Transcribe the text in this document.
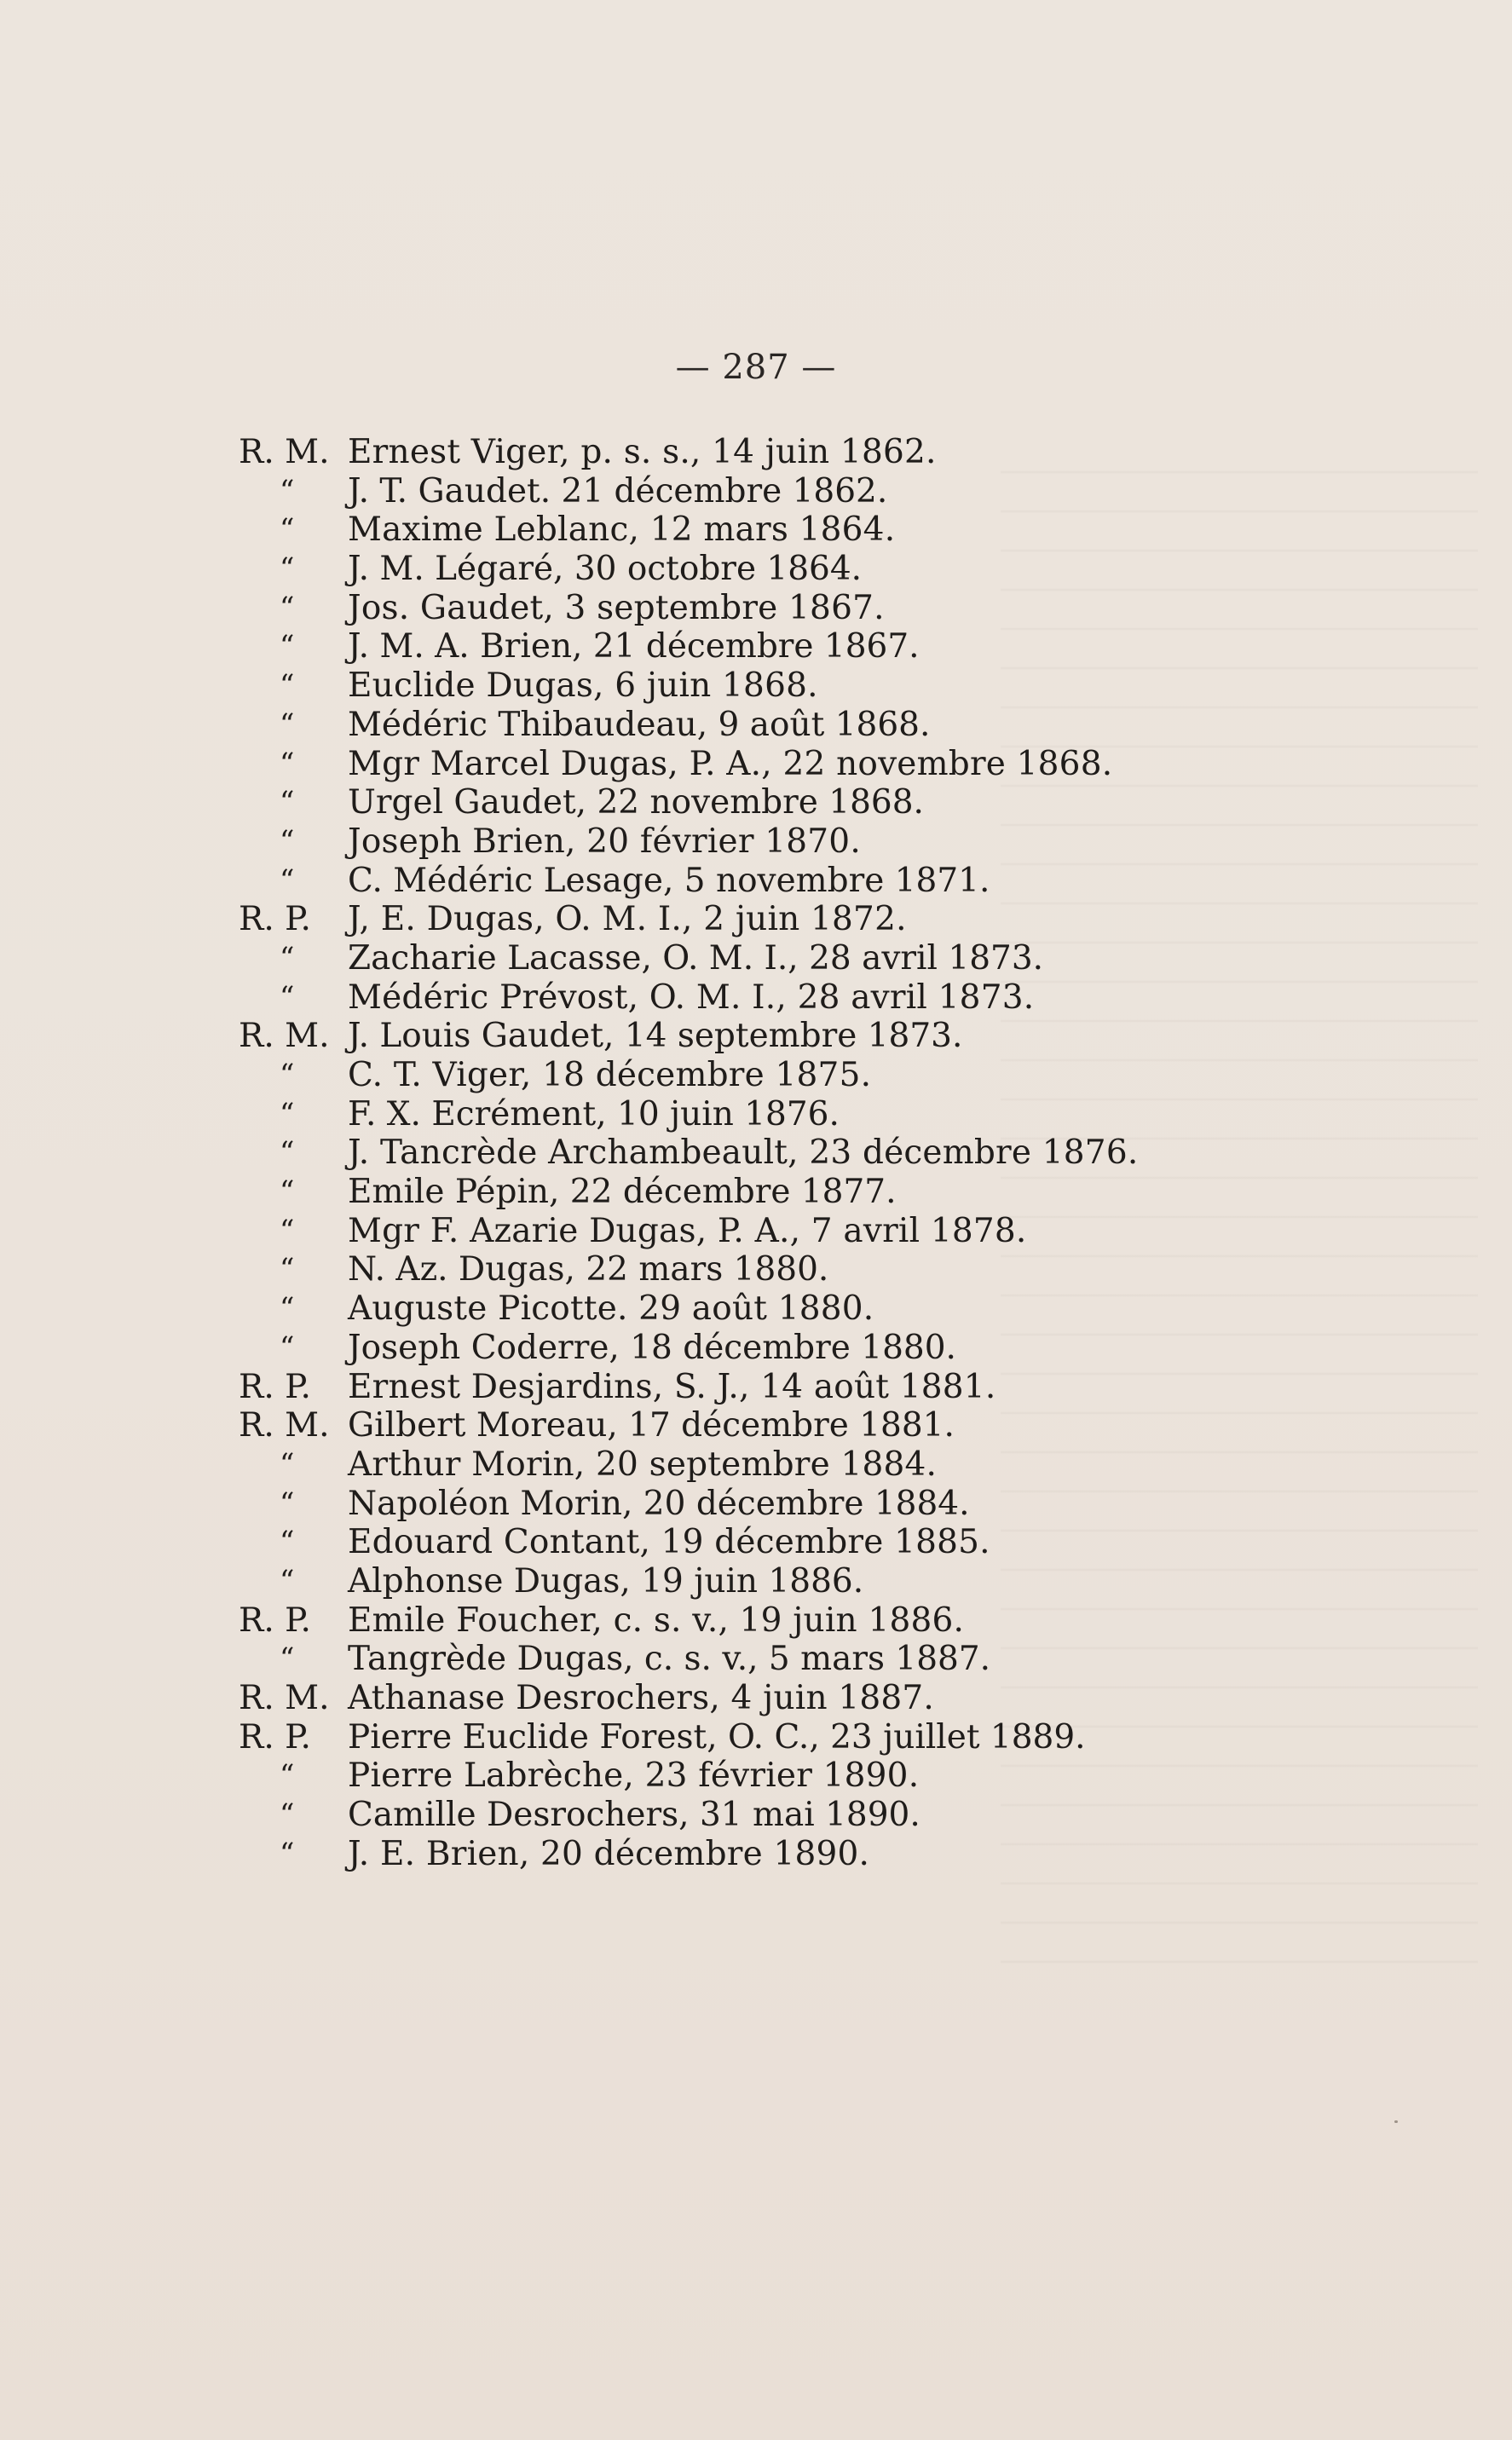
— 287 —
R. M. Ernest Viger, p. s. s., 14 juin 1862.
“	J. T. Gaudet. 21 décembre 1862.
“	Maxime Leblanc, 12 mars 1864.
“	J. M. Légaré, 30 octobre 1864.
“	Jos. Gaudet, 3 septembre 1867.
“	J. M. A. Brien, 21 décembre 1867.
“	Euclide Dugas, 6 juin 1868.
“	Médéric Thibaudeau, 9 août 1868.
“	Mgr Marcel Dugas, P. A., 22 novembre 1868.
“	Urgel Gaudet, 22 novembre 1868.
“	Joseph Brien, 20 février 1870.
“	C. Médéric Lesage, 5 novembre 1871.
R. P.	J, E. Dugas, O. M. I., 2 juin 1872.
“	Zacharie Lacasse, O. M. I., 28 avril 1873.
“	Médéric Prévost, O. M. I., 28 avril 1873.
R. M. J. Louis Gaudet, 14 septembre 1873.
“	C. T. Viger, 18 décembre 1875.
“	F. X. Ecrément, 10 juin 1876.
“	J. Tancrède Archambeault, 23 décembre 1876.
“	Emile Pépin, 22 décembre 1877.
“	Mgr F. Azarie Dugas, P. A., 7 avril 1878.
“	N. Az. Dugas, 22 mars 1880.
“	Auguste Picotte. 29 août 1880.
“	Joseph Coderre, 18 décembre 1880.
R. P.	Ernest Desjardins, S. J., 14 août 1881.
R. M. Gilbert Moreau, 17 décembre 1881.
“	Arthur Morin, 20 septembre 1884.
“	Napoléon Morin, 20 décembre 1884.
“	Edouard Contant, 19 décembre 1885.
“	Alphonse Dugas, 19 juin 1886.
R. P.	Emile Foucher, c. s. v., 19 juin 1886.
“	Tangrède Dugas, c. s. v., 5 mars 1887.
R. M. Athanase Desrochers, 4 juin 1887.
R. P.	Pierre Euclide Forest, O. C., 23 juillet 1889.
“	Pierre Labrèche, 23 février 1890.
“	Camille Desrochers, 31 mai 1890.
“	J. E. Brien, 20 décembre 1890.
